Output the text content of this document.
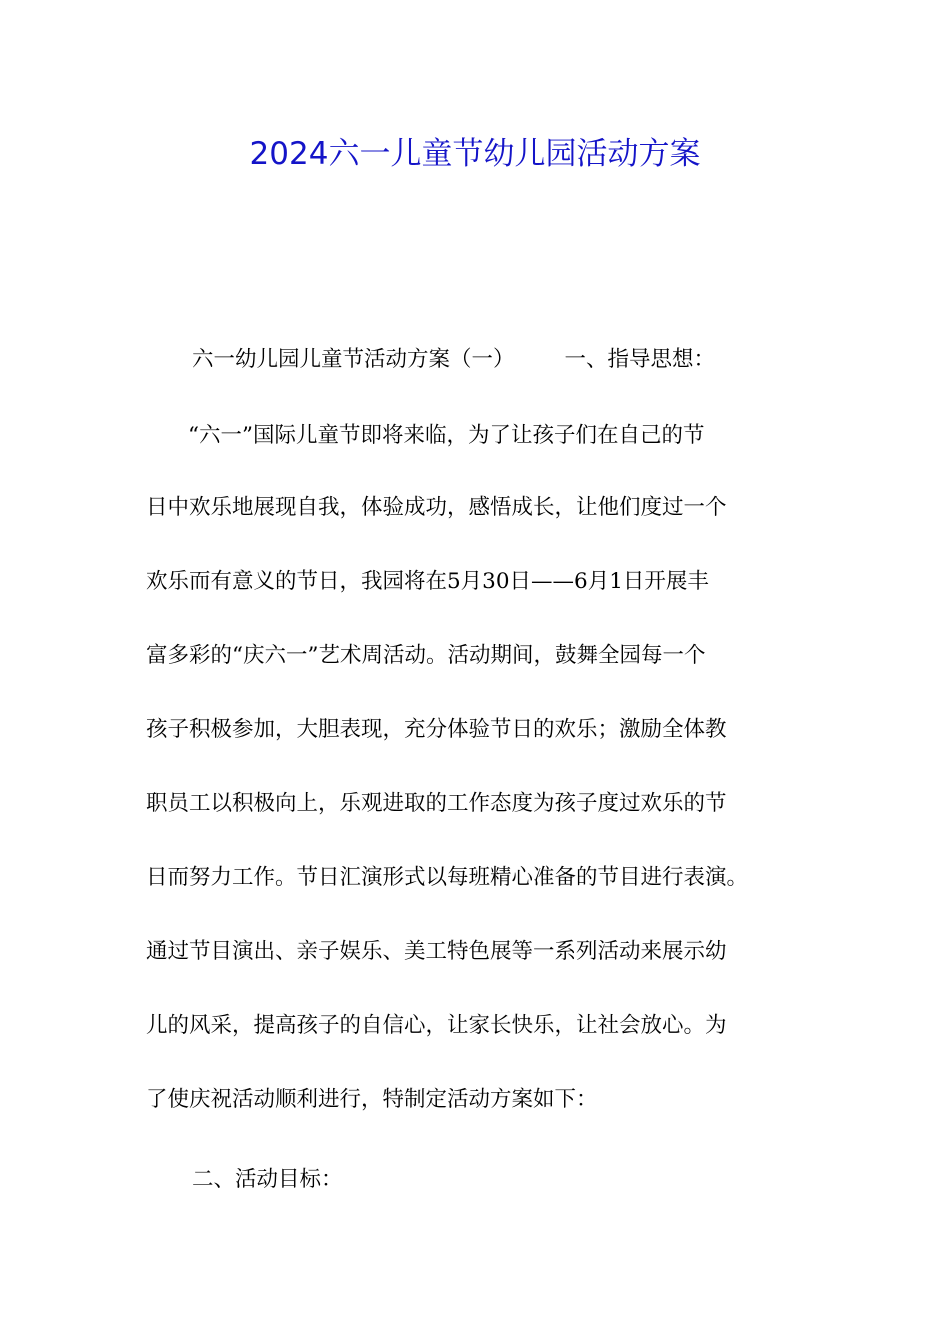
2024六一儿童节幼儿园活动方案
六一幼儿园儿童节活动方案（一） 一、指导思想：
“六一”国际儿童节即将来临，为了让孩子们在自己的节
日中欢乐地展现自我，体验成功，感悟成长，让他们度过一个
欢乐而有意义的节日，我园将在5月30日——6月1日开展丰
富多彩的“庆六一”艺术周活动。活动期间，鼓舞全园每一个
孩子积极参加，大胆表现，充分体验节日的欢乐；激励全体教
职员工以积极向上，乐观进取的工作态度为孩子度过欢乐的节
日而努力工作。节日汇演形式以每班精心准备的节目进行表演。
通过节目演出、亲子娱乐、美工特色展等一系列活动来展示幼
儿的风采，提高孩子的自信心，让家长快乐，让社会放心。为
了使庆祝活动顺利进行，特制定活动方案如下：
二、活动目标：
